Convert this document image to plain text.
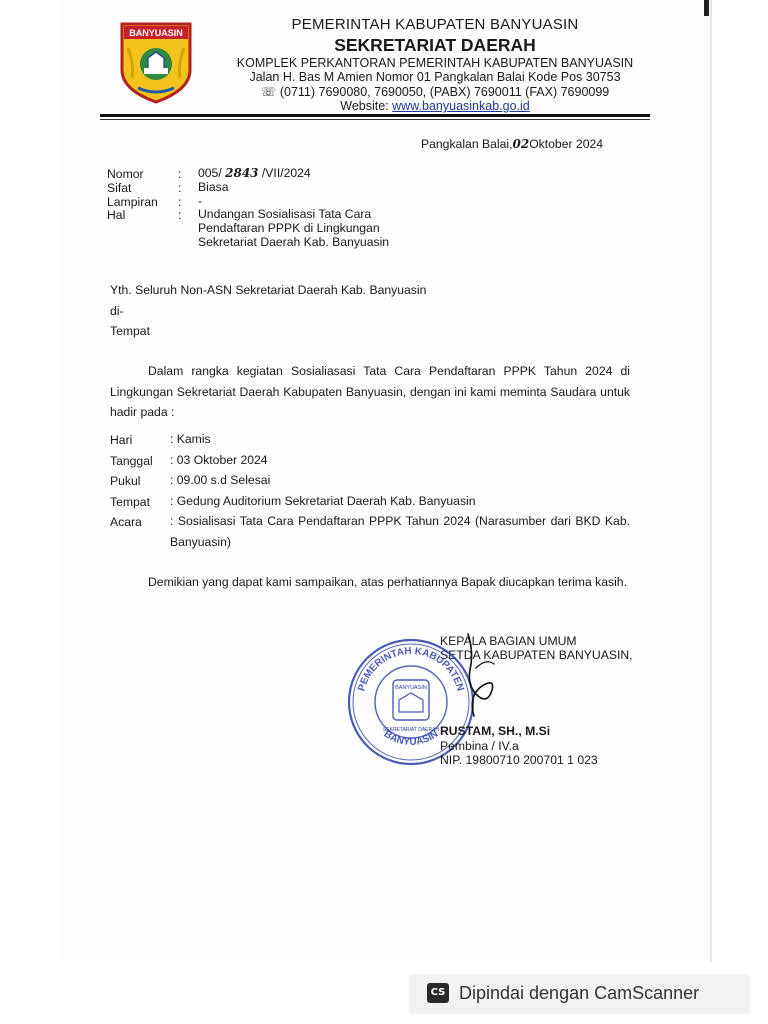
BANYUASIN	PEMERINTAH KABUPATEN BANYUASIN
SEKRETARIAT DAERAH
KOMPLEK PERKANTORAN PEMERINTAH KABUPATEN BANYUASIN
Jalan H. Bas M Amien Nomor 01 Pangkalan Balai Kode Pos 30753
☏ (0711) 7690080, 7690050, (PABX) 7690011 (FAX) 7690099
Website: www.banyuasinkab.go.id
Pangkalan Balai,02Oktober 2024
Nomor	: 005/ 2843 /VII/2024
Sifat	: Biasa
Lampiran : -
Hal	: Undangan Sosialisasi Tata Cara
Pendaftaran PPPK di Lingkungan
Sekretariat Daerah Kab. Banyuasin
Yth. Seluruh Non-ASN Sekretariat Daerah Kab. Banyuasin
di-
Tempat
Dalam rangka kegiatan Sosialiasasi Tata Cara Pendaftaran PPPK Tahun 2024 di Lingkungan Sekretariat Daerah Kabupaten Banyuasin, dengan ini kami meminta Saudara untuk hadir pada :
Hari	: Kamis
Tanggal : 03 Oktober 2024
Pukul : 09.00 s.d Selesai
Tempat : Gedung Auditorium Sekretariat Daerah Kab. Banyuasin
Acara : Sosialisasi Tata Cara Pendaftaran PPPK Tahun 2024 (Narasumber dari BKD Kab. Banyuasin)
Demikian yang dapat kami sampaikan, atas perhatiannya Bapak diucapkan terima kasih.
KEPALA BAGIAN UMUM
SETDA KABUPATEN BANYUASIN,
PEMERINTAH KABUPATEN
BANYUASIN
BANYUASIN
SEKRETARIAT DAERAH RUSTAM, SH., M.Si
Pembina / IV.a
NIP. 19800710 200701 1 023
CS Dipindai dengan CamScanner
